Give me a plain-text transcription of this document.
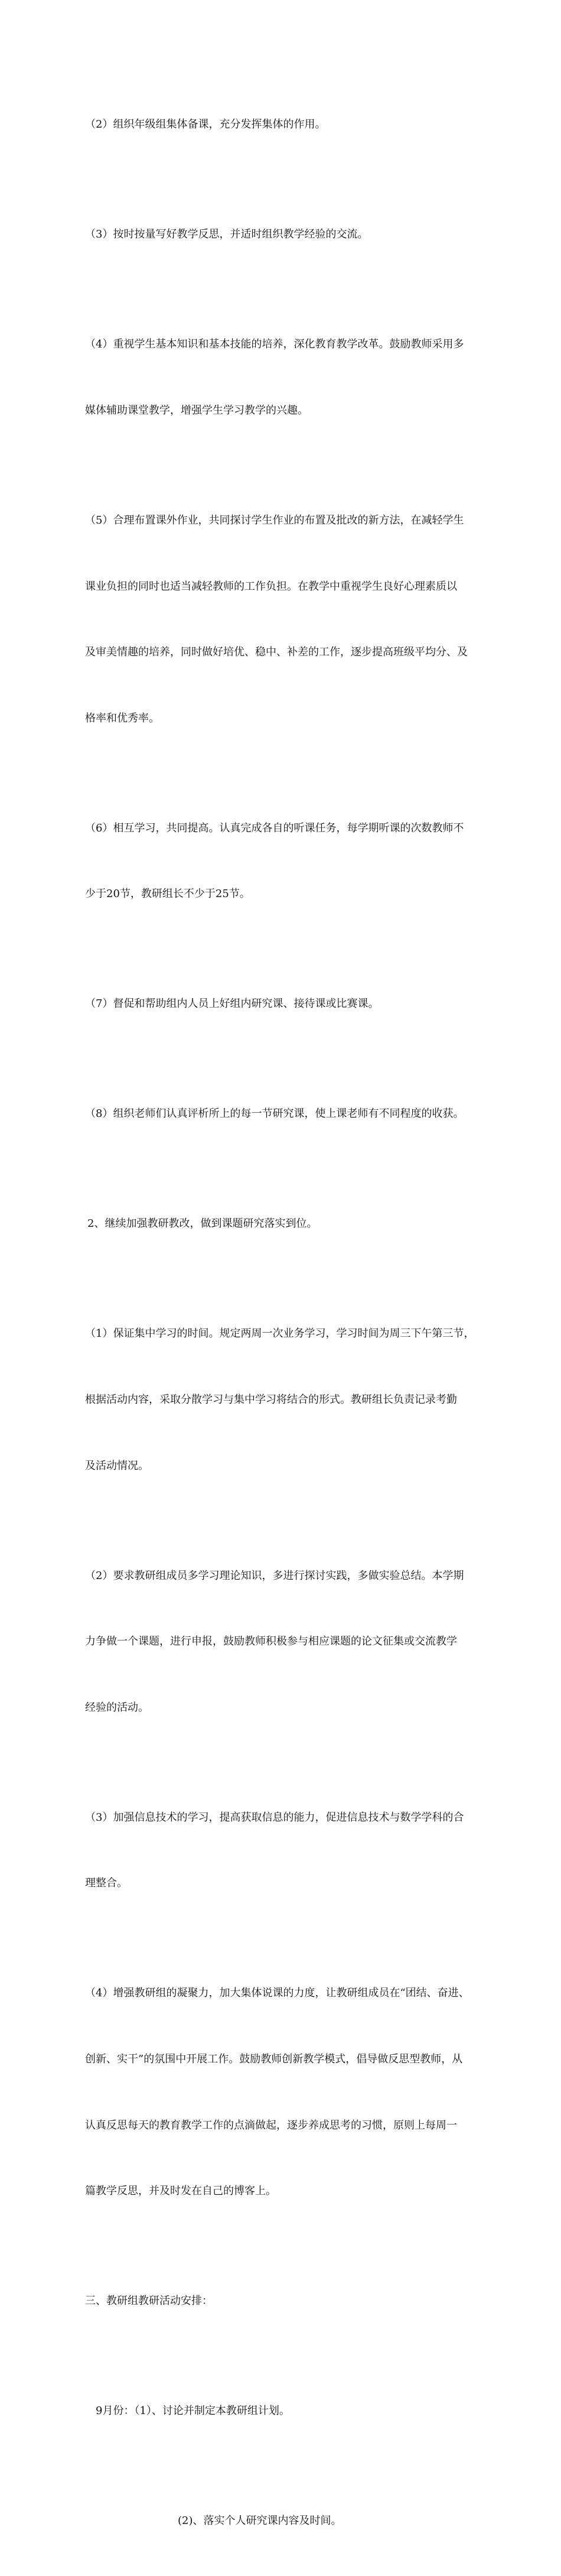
（2）组织年级组集体备课，充分发挥集体的作用。

（3）按时按量写好教学反思，并适时组织教学经验的交流。

（4）重视学生基本知识和基本技能的培养，深化教育教学改革。鼓励教师采用多

媒体辅助课堂教学，增强学生学习教学的兴趣。

（5）合理布置课外作业，共同探讨学生作业的布置及批改的新方法，在减轻学生

课业负担的同时也适当减轻教师的工作负担。在教学中重视学生良好心理素质以

及审美情趣的培养，同时做好培优、稳中、补差的工作，逐步提高班级平均分、及

格率和优秀率。

（6）相互学习，共同提高。认真完成各自的听课任务，每学期听课的次数教师不

少于20节，教研组长不少于25节。

（7）督促和帮助组内人员上好组内研究课、接待课或比赛课。

（8）组织老师们认真评析所上的每一节研究课，使上课老师有不同程度的收获。

2、继续加强教研教改，做到课题研究落实到位。

（1）保证集中学习的时间。规定两周一次业务学习，学习时间为周三下午第三节，

根据活动内容，采取分散学习与集中学习将结合的形式。教研组长负责记录考勤

及活动情况。

（2）要求教研组成员多学习理论知识，多进行探讨实践，多做实验总结。本学期

力争做一个课题，进行申报，鼓励教师积极参与相应课题的论文征集或交流教学

经验的活动。

（3）加强信息技术的学习，提高获取信息的能力，促进信息技术与数学学科的合

理整合。

（4）增强教研组的凝聚力，加大集体说课的力度，让教研组成员在“团结、奋进、

创新、实干”的氛围中开展工作。鼓励教师创新教学模式，倡导做反思型教师，从

认真反思每天的教育教学工作的点滴做起，逐步养成思考的习惯，原则上每周一

篇教学反思，并及时发在自己的博客上。

三、教研组教研活动安排：

9月份：（1）、讨论并制定本教研组计划。

(2)、落实个人研究课内容及时间。
